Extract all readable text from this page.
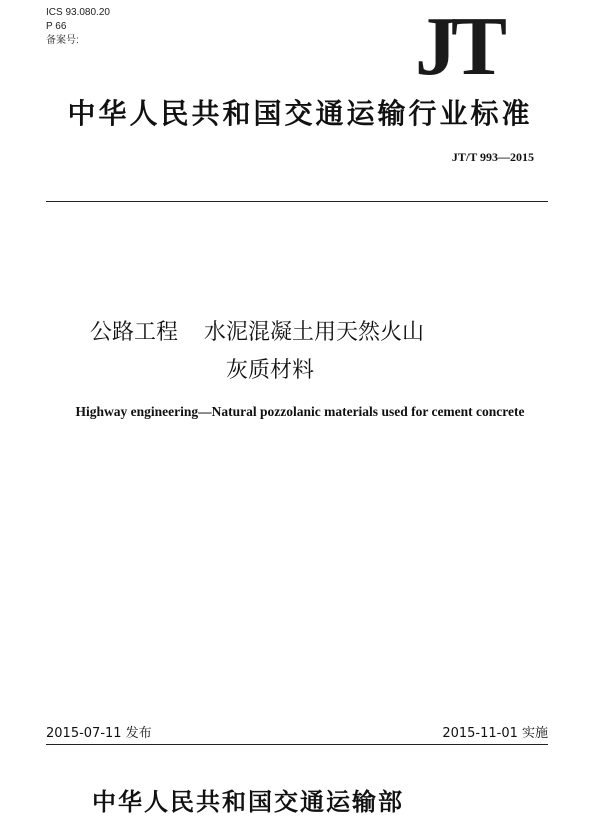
ICS 93.080.20
P 66
备案号:	JT
中华人民共和国交通运输行业标准
JT/T 993—2015
公路工程 水泥混凝土用天然火山
灰质材料
Highway engineering—Natural pozzolanic materials used for cement concrete
2015-07-11 发布	2015-11-01 实施
中华人民共和国交通运输部
